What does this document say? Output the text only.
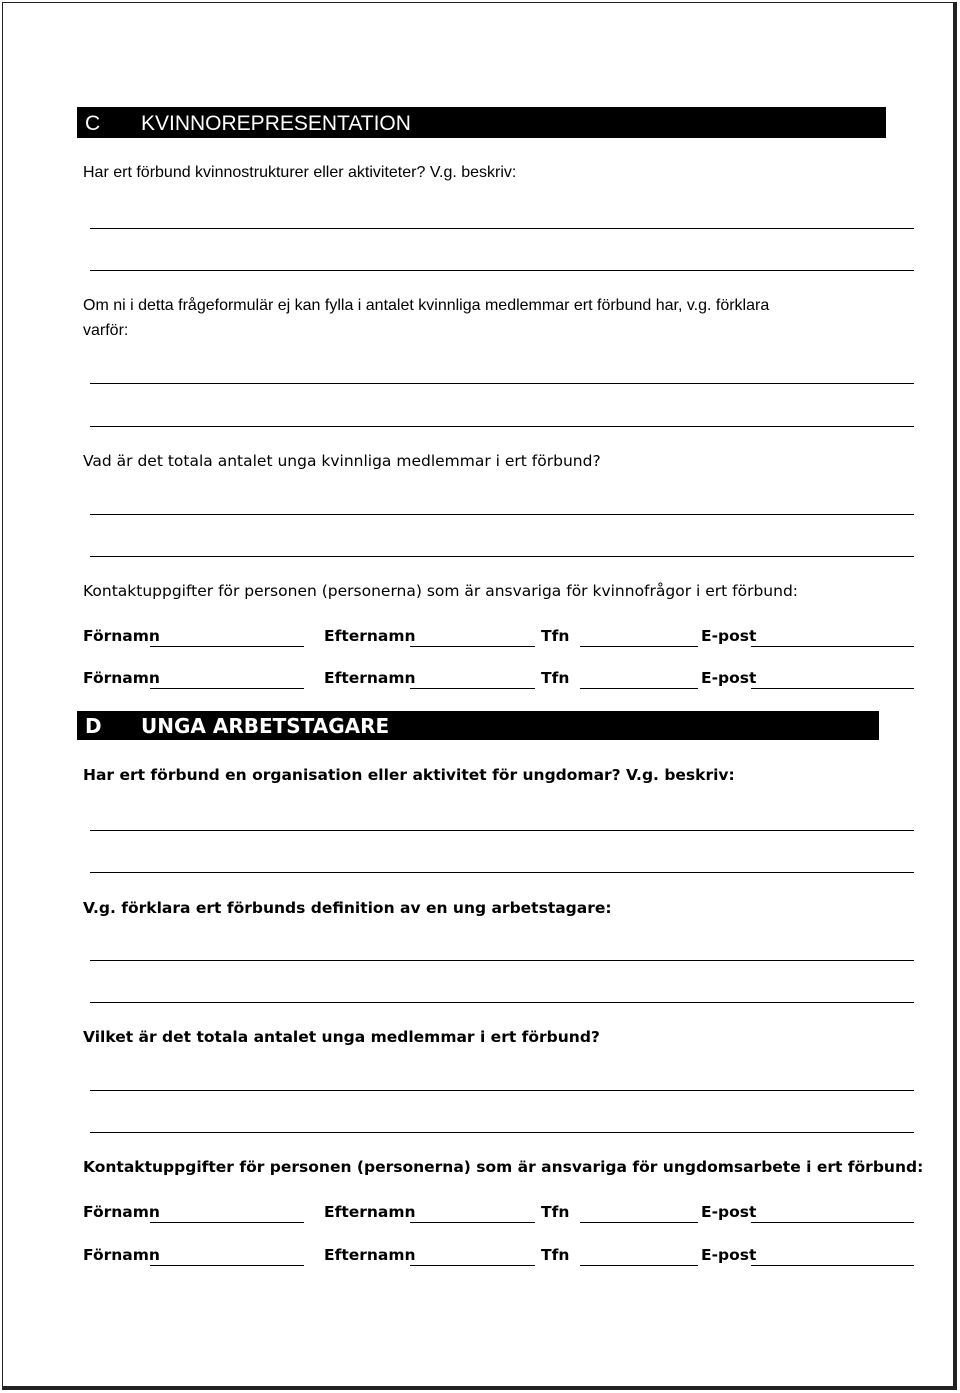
C KVINNOREPRESENTATION
Har ert förbund kvinnostrukturer eller aktiviteter? V.g. beskriv:
Om ni i detta frågeformulär ej kan fylla i antalet kvinnliga medlemmar ert förbund har, v.g. förklara
varför:
Vad är det totala antalet unga kvinnliga medlemmar i ert förbund?
Kontaktuppgifter för personen (personerna) som är ansvariga för kvinnofrågor i ert förbund:
Förnamn	Efternamn	Tfn	E-post
Förnamn	Efternamn	Tfn	E-post
D UNGA ARBETSTAGARE
Har ert förbund en organisation eller aktivitet för ungdomar? V.g. beskriv:
V.g. förklara ert förbunds definition av en ung arbetstagare:
Vilket är det totala antalet unga medlemmar i ert förbund?
Kontaktuppgifter för personen (personerna) som är ansvariga för ungdomsarbete i ert förbund:
Förnamn	Efternamn	Tfn	E-post
Förnamn	Efternamn	Tfn	E-post
